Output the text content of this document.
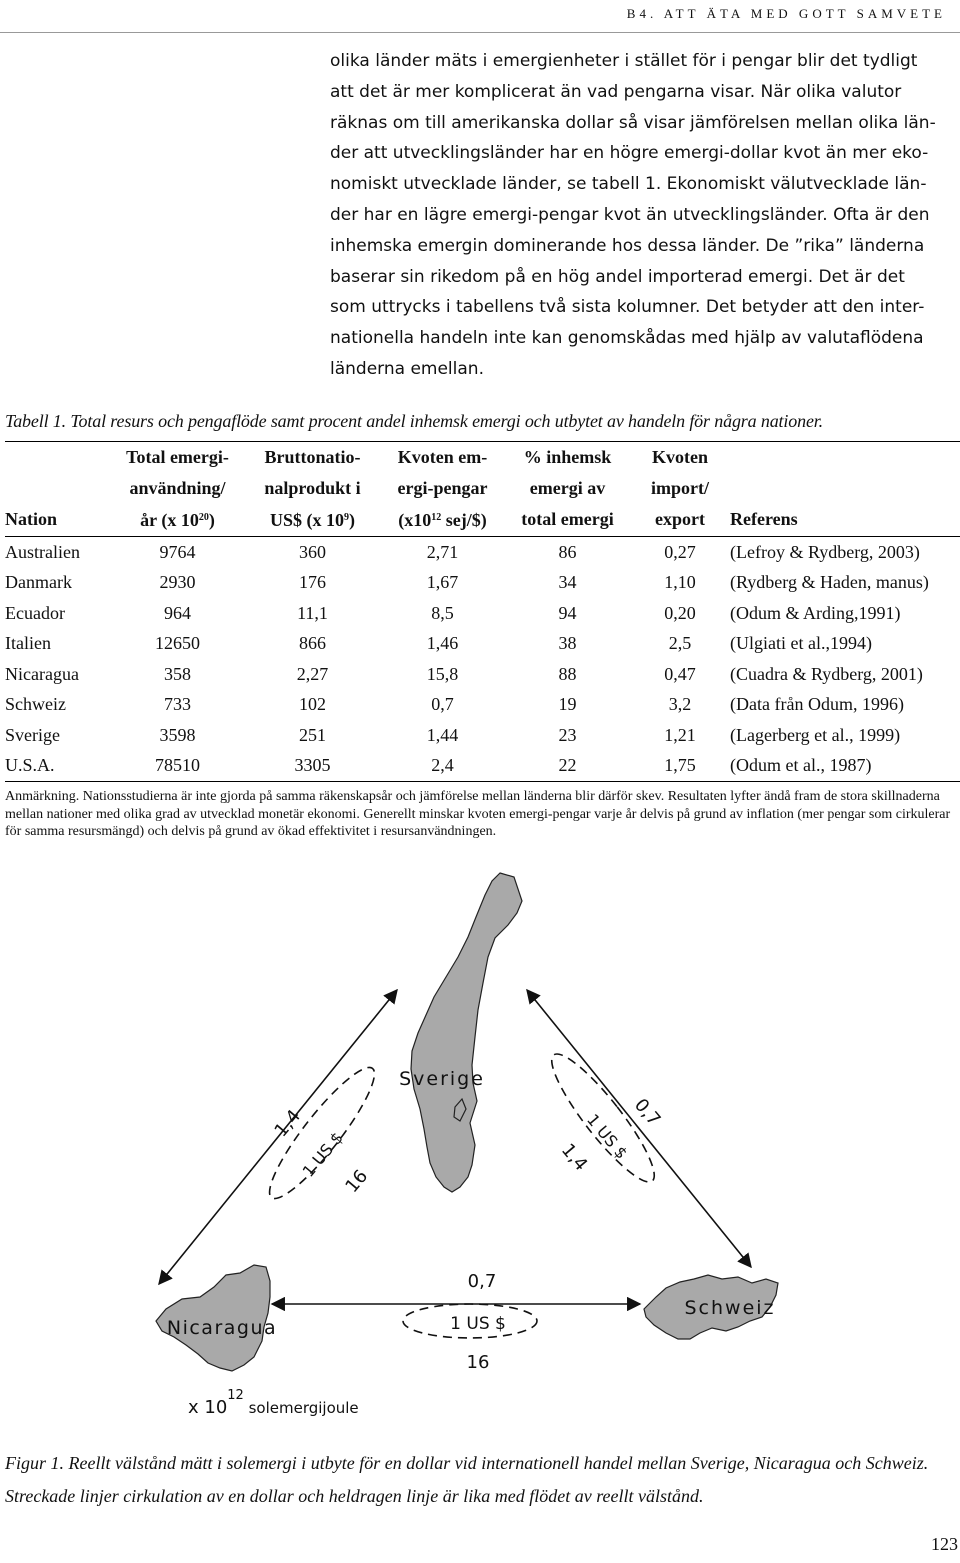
B4. ATT ÄTA MED GOTT SAMVETE

olika länder mäts i emergienheter i stället för i pengar blir det tydligt

att det är mer komplicerat än vad pengarna visar. När olika valutor

räknas om till amerikanska dollar så visar jämförelsen mellan olika län-

der att utvecklingsländer har en högre emergi-dollar kvot än mer eko-

nomiskt utvecklade länder, se tabell 1. Ekonomiskt välutvecklade län-

der har en lägre emergi-pengar kvot än utvecklingsländer. Ofta är den

inhemska emergin dominerande hos dessa länder. De ”rika” länderna

baserar sin rikedom på en hög andel importerad emergi. Det är det

som uttrycks i tabellens två sista kolumner. Det betyder att den inter-

nationella handeln inte kan genomskådas med hjälp av valutaflödena

länderna emellan.

Tabell 1. Total resurs och pengaflöde samt procent andel inhemsk emergi och utbytet av handeln för några nationer.
	Total emergi-	Bruttonatio-	Kvoten em-	% inhemsk	Kvoten	
	användning/	nalprodukt i	ergi-pengar	emergi av	import/	
Nation	år (x $10^{20}$)	US$ (x $10^9$)	($x10^{12}$ sej/$)	total emergi	export	Referens
Australien	9764	360	2,71	86	0,27	(Lefroy & Rydberg, 2003)
Danmark	2930	176	1,67	34	1,10	(Rydberg & Haden, manus)
Ecuador	964	11,1	8,5	94	0,20	(Odum & Arding,1991)
Italien	12650	866	1,46	38	2,5	(Ulgiati et al.,1994)
Nicaragua	358	2,27	15,8	88	0,47	(Cuadra & Rydberg, 2001)
Schweiz	733	102	0,7	19	3,2	(Data från Odum, 1996)
Sverige	3598	251	1,44	23	1,21	(Lagerberg et al., 1999)
U.S.A.	78510	3305	2,4	22	1,75	(Odum et al., 1987)
Anmärkning. Nationsstudierna är inte gjorda på samma räkenskapsår och jämförelse mellan länderna blir därför skev. Resultaten lyfter ändå fram de stora skillnaderna mellan nationer med olika grad av utvecklad monetär ekonomi. Generellt minskar kvoten emergi-pengar varje år delvis på grund av inflation (mer pengar som cirkulerar för samma resursmängd) och delvis på grund av ökad effektivitet i resursanvändningen.
Sverige
Nicaragua
Schweiz
1,4
1 US $
16
0,7
1 US $
1,4
0,7
1 US $
16
x $10^{12}$ $_{solemergijoule}$
Figur 1. Reellt välstånd mätt i solemergi i utbyte för en dollar vid internationell handel mellan Sverige, Nicaragua och Schweiz. Streckade linjer cirkulation av en dollar och heldragen linje är lika med flödet av reellt välstånd.
123
